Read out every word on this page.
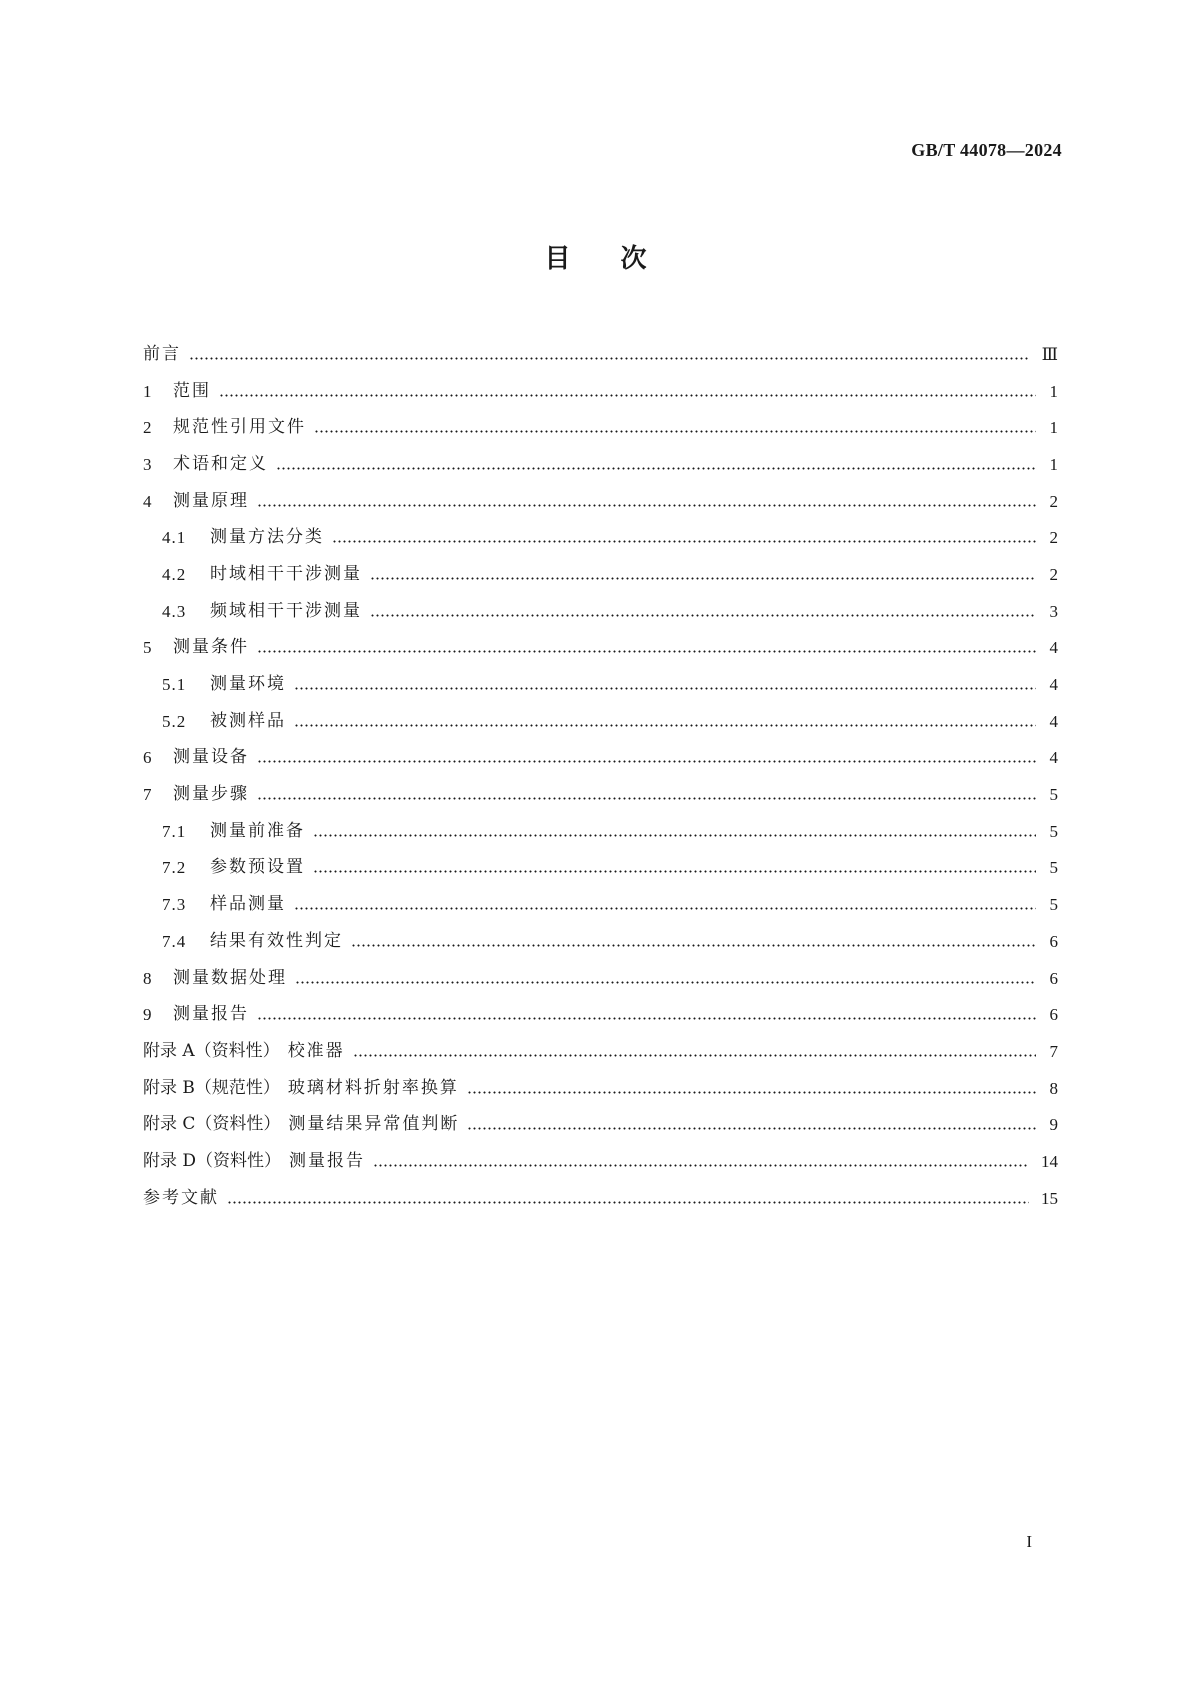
GB/T 44078—2024
目次
前言	Ⅲ
1	范围	1
2	规范性引用文件	1
3	术语和定义	1
4	测量原理	2
4.1	测量方法分类	2
4.2	时域相干干涉测量	2
4.3	频域相干干涉测量	3
5	测量条件	4
5.1	测量环境	4
5.2	被测样品	4
6	测量设备	4
7	测量步骤	5
7.1	测量前准备	5
7.2	参数预设置	5
7.3	样品测量	5
7.4	结果有效性判定	6
8	测量数据处理	6
9	测量报告	6
附录 A（资料性） 校准器	7
附录 B（规范性） 玻璃材料折射率换算	8
附录 C（资料性） 测量结果异常值判断	9
附录 D（资料性） 测量报告	14
参考文献	15
I
